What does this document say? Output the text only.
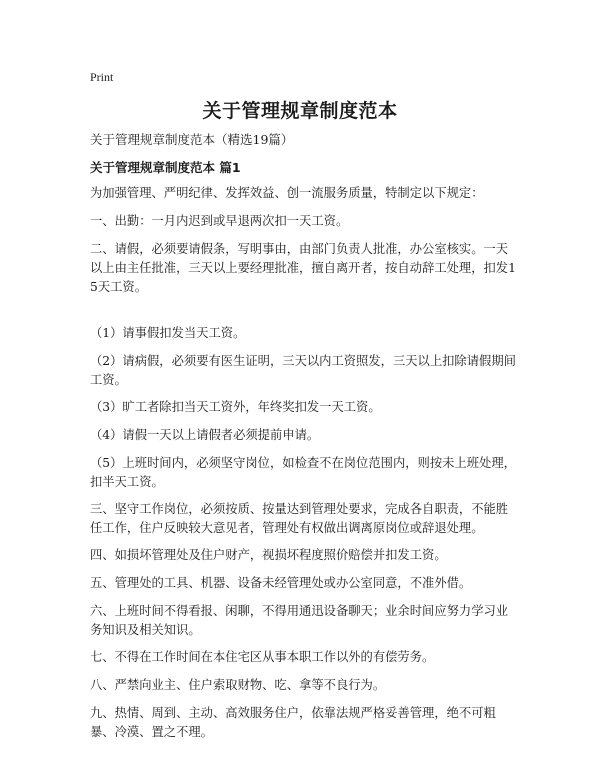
Print
关于管理规章制度范本
关于管理规章制度范本（精选19篇）
关于管理规章制度范本 篇1
为加强管理、严明纪律、发挥效益、创一流服务质量，特制定以下规定：
一、出勤：一月内迟到或早退两次扣一天工资。
二、请假，必须要请假条，写明事由，由部门负责人批准，办公室核实。一天以上由主任批准，三天以上要经理批准，擅自离开者，按自动辞工处理，扣发15天工资。
（1）请事假扣发当天工资。
（2）请病假，必须要有医生证明，三天以内工资照发，三天以上扣除请假期间工资。
（3）旷工者除扣当天工资外，年终奖扣发一天工资。
（4）请假一天以上请假者必须提前申请。
（5）上班时间内，必须坚守岗位，如检查不在岗位范围内，则按未上班处理，扣半天工资。
三、坚守工作岗位，必须按质、按量达到管理处要求，完成各自职责，不能胜任工作，住户反映较大意见者，管理处有权做出调离原岗位或辞退处理。
四、如损坏管理处及住户财产，视损坏程度照价赔偿并扣发工资。
五、管理处的工具、机器、设备未经管理处或办公室同意，不准外借。
六、上班时间不得看报、闲聊，不得用通迅设备聊天；业余时间应努力学习业务知识及相关知识。
七、不得在工作时间在本住宅区从事本职工作以外的有偿劳务。
八、严禁向业主、住户索取财物、吃、拿等不良行为。
九、热情、周到、主动、高效服务住户，依靠法规严格妥善管理，绝不可粗暴、冷漠、置之不理。
